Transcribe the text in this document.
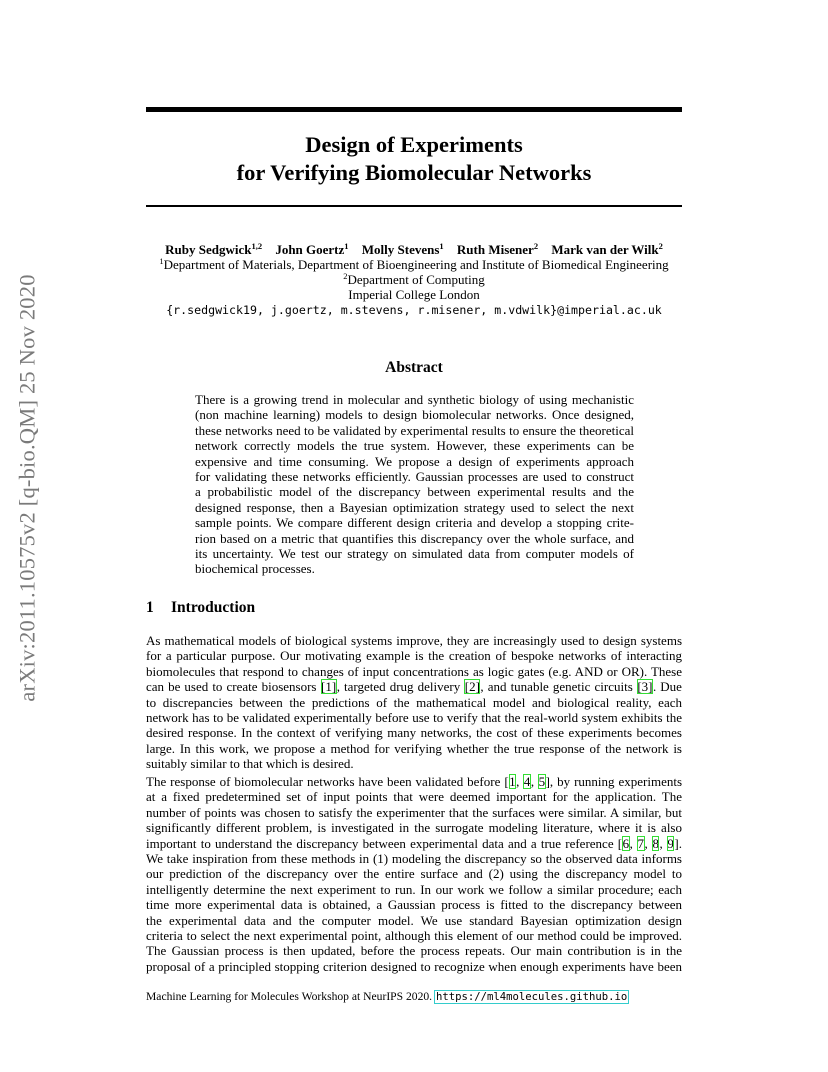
arXiv:2011.10575v2 [q-bio.QM] 25 Nov 2020
Design of Experiments
for Verifying Biomolecular Networks
Ruby Sedgwick$^{1,2}$ John Goertz$^1$ Molly Stevens$^1$ Ruth Misener$^2$ Mark van der Wilk$^2$
$^1$Department of Materials, Department of Bioengineering and Institute of Biomedical Engineering
$^2$Department of Computing
Imperial College London
{r.sedgwick19, j.goertz, m.stevens, r.misener, m.vdwilk}@imperial.ac.uk
Abstract
There is a growing trend in molecular and synthetic biology of using mechanistic
(non machine learning) models to design biomolecular networks. Once designed,
these networks need to be validated by experimental results to ensure the theoretical
network correctly models the true system. However, these experiments can be
expensive and time consuming. We propose a design of experiments approach
for validating these networks efficiently. Gaussian processes are used to construct
a probabilistic model of the discrepancy between experimental results and the
designed response, then a Bayesian optimization strategy used to select the next
sample points. We compare different design criteria and develop a stopping crite-
rion based on a metric that quantifies this discrepancy over the whole surface, and
its uncertainty. We test our strategy on simulated data from computer models of
biochemical processes.
1 Introduction
As mathematical models of biological systems improve, they are increasingly used to design systems
for a particular purpose. Our motivating example is the creation of bespoke networks of interacting
biomolecules that respond to changes of input concentrations as logic gates (e.g. AND or OR). These
can be used to create biosensors [1], targeted drug delivery [2], and tunable genetic circuits [3]. Due
to discrepancies between the predictions of the mathematical model and biological reality, each
network has to be validated experimentally before use to verify that the real-world system exhibits the
desired response. In the context of verifying many networks, the cost of these experiments becomes
large. In this work, we propose a method for verifying whether the true response of the network is
suitably similar to that which is desired.
The response of biomolecular networks have been validated before [1, 4, 5], by running experiments
at a fixed predetermined set of input points that were deemed important for the application. The
number of points was chosen to satisfy the experimenter that the surfaces were similar. A similar, but
significantly different problem, is investigated in the surrogate modeling literature, where it is also
important to understand the discrepancy between experimental data and a true reference [6, 7, 8, 9].
We take inspiration from these methods in (1) modeling the discrepancy so the observed data informs
our prediction of the discrepancy over the entire surface and (2) using the discrepancy model to
intelligently determine the next experiment to run. In our work we follow a similar procedure; each
time more experimental data is obtained, a Gaussian process is fitted to the discrepancy between
the experimental data and the computer model. We use standard Bayesian optimization design
criteria to select the next experimental point, although this element of our method could be improved.
The Gaussian process is then updated, before the process repeats. Our main contribution is in the
proposal of a principled stopping criterion designed to recognize when enough experiments have been
Machine Learning for Molecules Workshop at NeurIPS 2020. https://ml4molecules.github.io
